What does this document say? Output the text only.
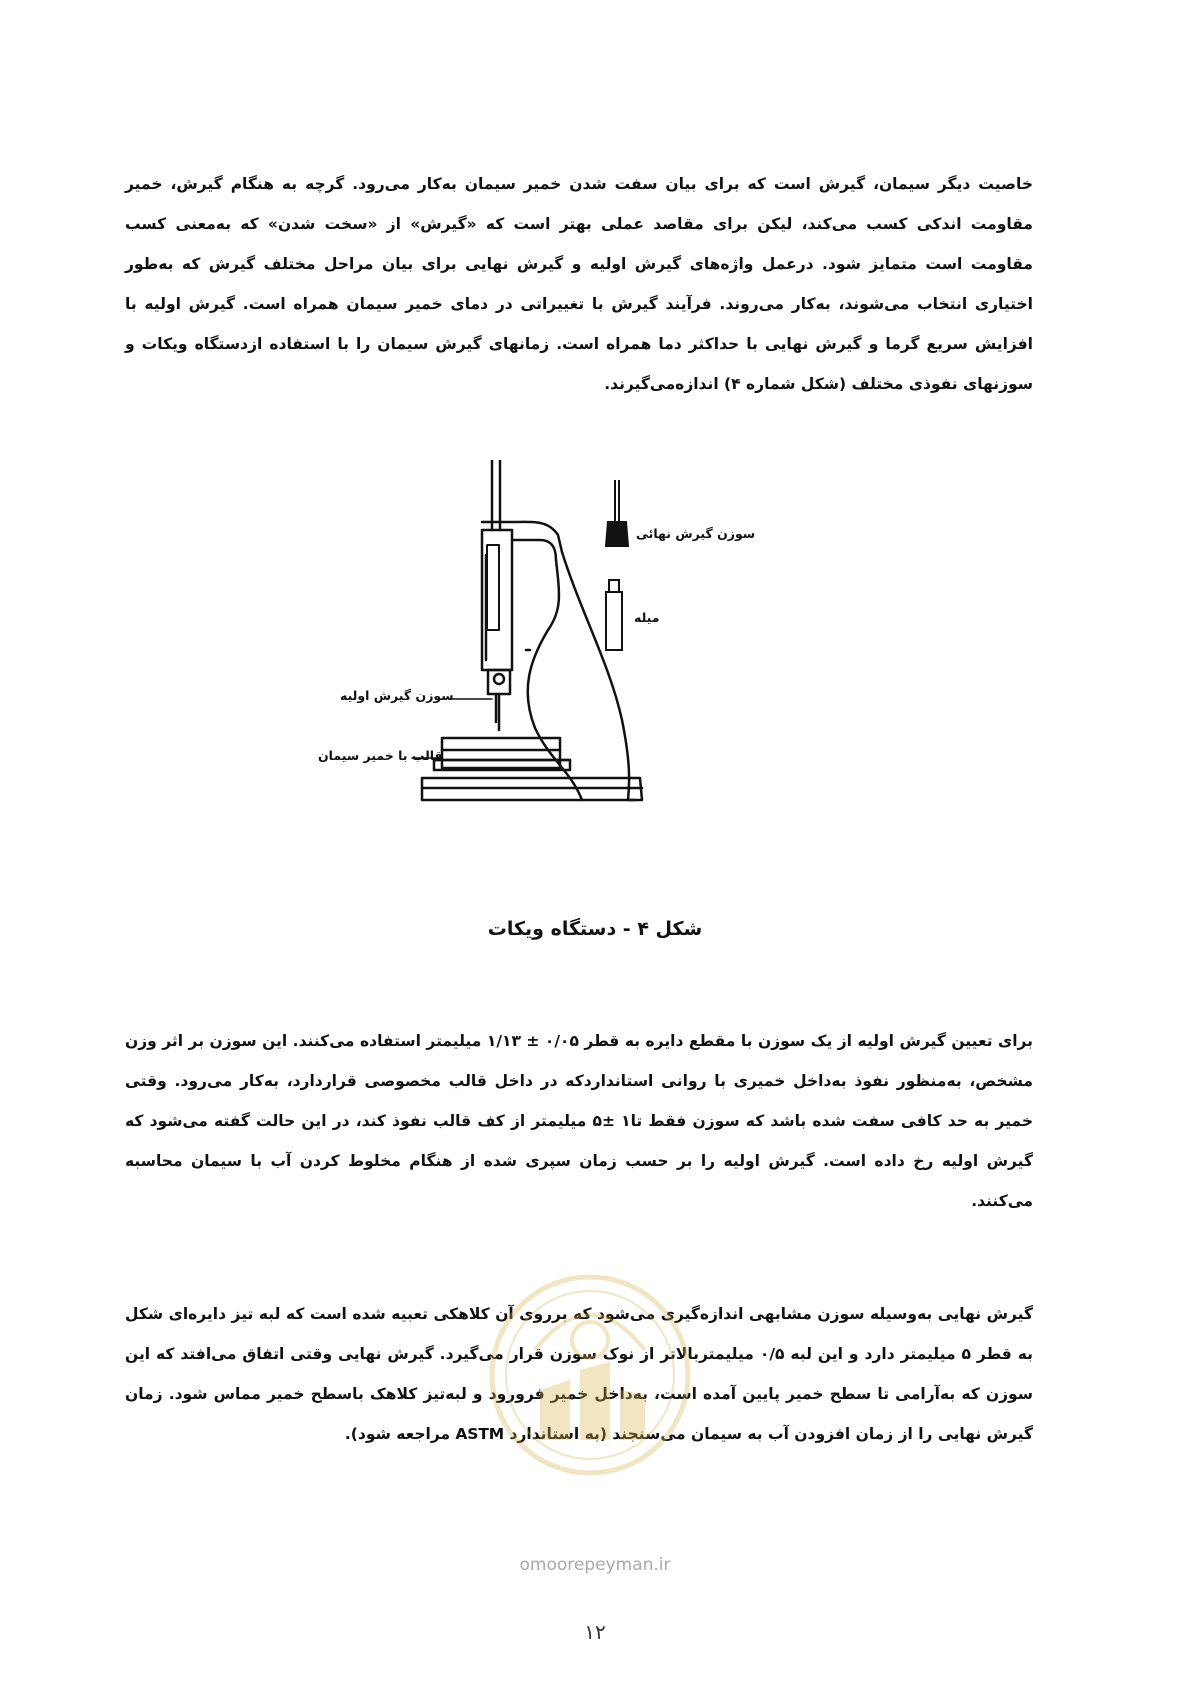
خاصیت دیگر سیمان، گیرش است که برای بیان سفت شدن خمیر سیمان به‌کار می‌رود. گرچه به هنگام گیرش، خمیر مقاومت اندکی کسب می‌کند، لیکن برای مقاصد عملی بهتر است که «گیرش» از «سخت شدن» که به‌معنی کسب مقاومت است متمایز شود. درعمل واژه‌های گیرش اولیه و گیرش نهایی برای بیان مراحل مختلف گیرش که به‌طور اختیاری انتخاب می‌شوند، به‌کار می‌روند. فرآیند گیرش با تغییراتی در دمای خمیر سیمان همراه است. گیرش اولیه با افزایش سریع گرما و گیرش نهایی با حداکثر دما همراه است. زمانهای گیرش سیمان را با استفاده ازدستگاه ویکات و سوزنهای نفوذی مختلف (شکل شماره ۴) اندازه‌می‌گیرند.

سوزن گیرش نهائی
میله
سوزن گیرش اولیه
قالب با خمیر سیمان
شکل ۴ - دستگاه ویکات

برای تعیین گیرش اولیه از یک سوزن با مقطع دایره به قطر ۰/۰۵ ± ۱/۱۳ میلیمتر استفاده می‌کنند. این سوزن بر اثر وزن مشخص، به‌منظور نفوذ به‌داخل خمیری با روانی استانداردکه در داخل قالب مخصوصی قراردارد، به‌کار می‌رود. وقتی خمیر به حد کافی سفت شده باشد که سوزن فقط تا۱ ±۵ میلیمتر از کف قالب نفوذ کند، در این حالت گفته می‌شود که گیرش اولیه رخ داده است. گیرش اولیه را بر حسب زمان سپری شده از هنگام مخلوط کردن آب با سیمان محاسبه می‌کنند.

گیرش نهایی به‌وسیله سوزن مشابهی اندازه‌گیری می‌شود که برروی آن کلاهکی تعبیه شده است که لبه تیز دایره‌ای شکل به قطر ۵ میلیمتر دارد و این لبه ۰/۵ میلیمتربالاتر از نوک سوزن قرار می‌گیرد. گیرش نهایی وقتی اتفاق می‌افتد که این سوزن که به‌آرامی تا سطح خمیر پایین آمده است، به‌داخل خمیر فرورود و لبه‌تیز کلاهک باسطح خمیر مماس شود. زمان گیرش نهایی را از زمان افزودن آب به سیمان می‌سنجند (به استاندارد ASTM مراجعه شود).

omoorepeyman.ir
۱۲
